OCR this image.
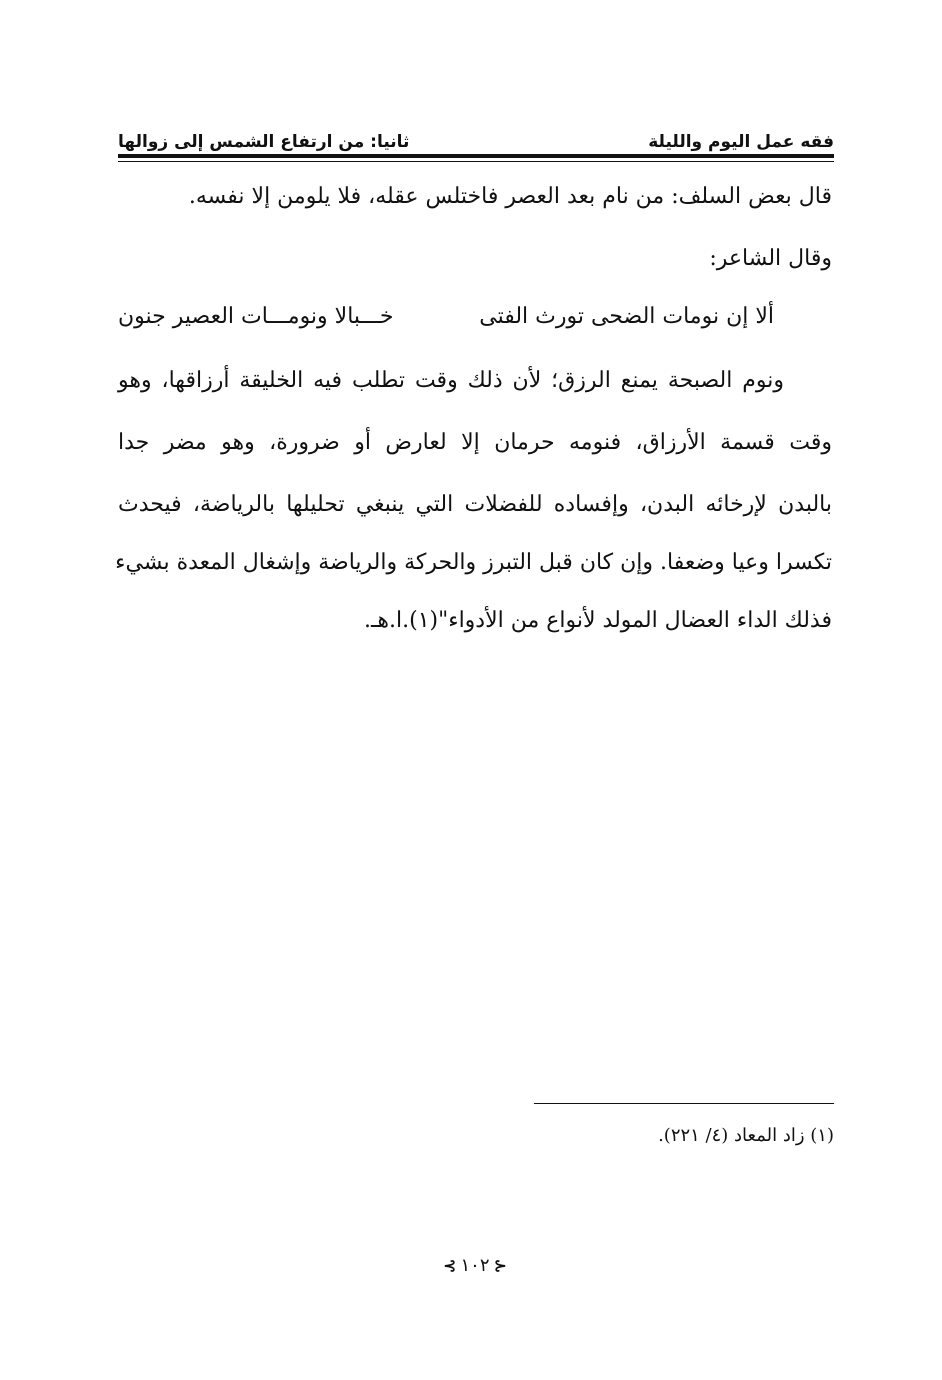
فقه عمل اليوم والليلة
ثانيا: من ارتفاع الشمس إلى زوالها
قال بعض السلف: من نام بعد العصر فاختلس عقله، فلا يلومن إلا نفسه.
وقال الشاعر:
ألا إن نومات الضحى تورث الفتى
خـــبالا ونومـــات العصير جنون
ونوم الصبحة يمنع الرزق؛ لأن ذلك وقت تطلب فيه الخليقة أرزاقها، وهو
وقت قسمة الأرزاق، فنومه حرمان إلا لعارض أو ضرورة، وهو مضر جدا
بالبدن لإرخائه البدن، وإفساده للفضلات التي ينبغي تحليلها بالرياضة، فيحدث
تكسرا وعيا وضعفا. وإن كان قبل التبرز والحركة والرياضة وإشغال المعدة بشيء
فذلك الداء العضال المولد لأنواع من الأدواء"(١).ا.هـ.
(١) زاد المعاد (٤/ ٢٢١).
⊰ ١٠٢ ⊱
